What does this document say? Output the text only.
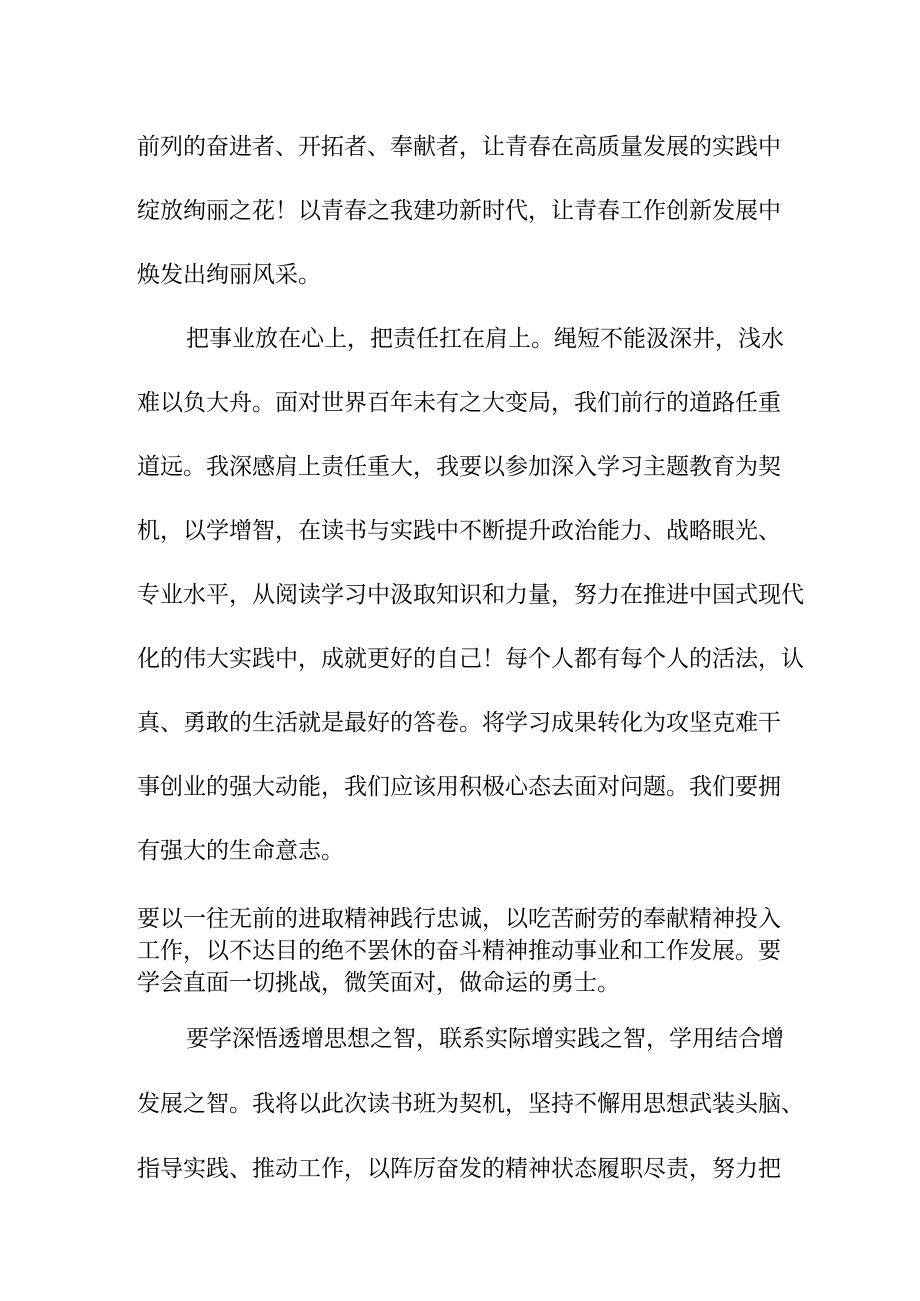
前列的奋进者、开拓者、奉献者，让青春在高质量发展的实践中
绽放绚丽之花！以青春之我建功新时代，让青春工作创新发展中
焕发出绚丽风采。
把事业放在心上，把责任扛在肩上。绳短不能汲深井，浅水
难以负大舟。面对世界百年未有之大变局，我们前行的道路任重
道远。我深感肩上责任重大，我要以参加深入学习主题教育为契
机，以学增智，在读书与实践中不断提升政治能力、战略眼光、
专业水平，从阅读学习中汲取知识和力量，努力在推进中国式现代
化的伟大实践中，成就更好的自己！每个人都有每个人的活法，认
真、勇敢的生活就是最好的答卷。将学习成果转化为攻坚克难干
事创业的强大动能，我们应该用积极心态去面对问题。我们要拥
有强大的生命意志。
要以一往无前的进取精神践行忠诚，以吃苦耐劳的奉献精神投入
工作，以不达目的绝不罢休的奋斗精神推动事业和工作发展。要
学会直面一切挑战，微笑面对，做命运的勇士。
要学深悟透增思想之智，联系实际增实践之智，学用结合增
发展之智。我将以此次读书班为契机，坚持不懈用思想武装头脑、
指导实践、推动工作，以阵厉奋发的精神状态履职尽责，努力把
